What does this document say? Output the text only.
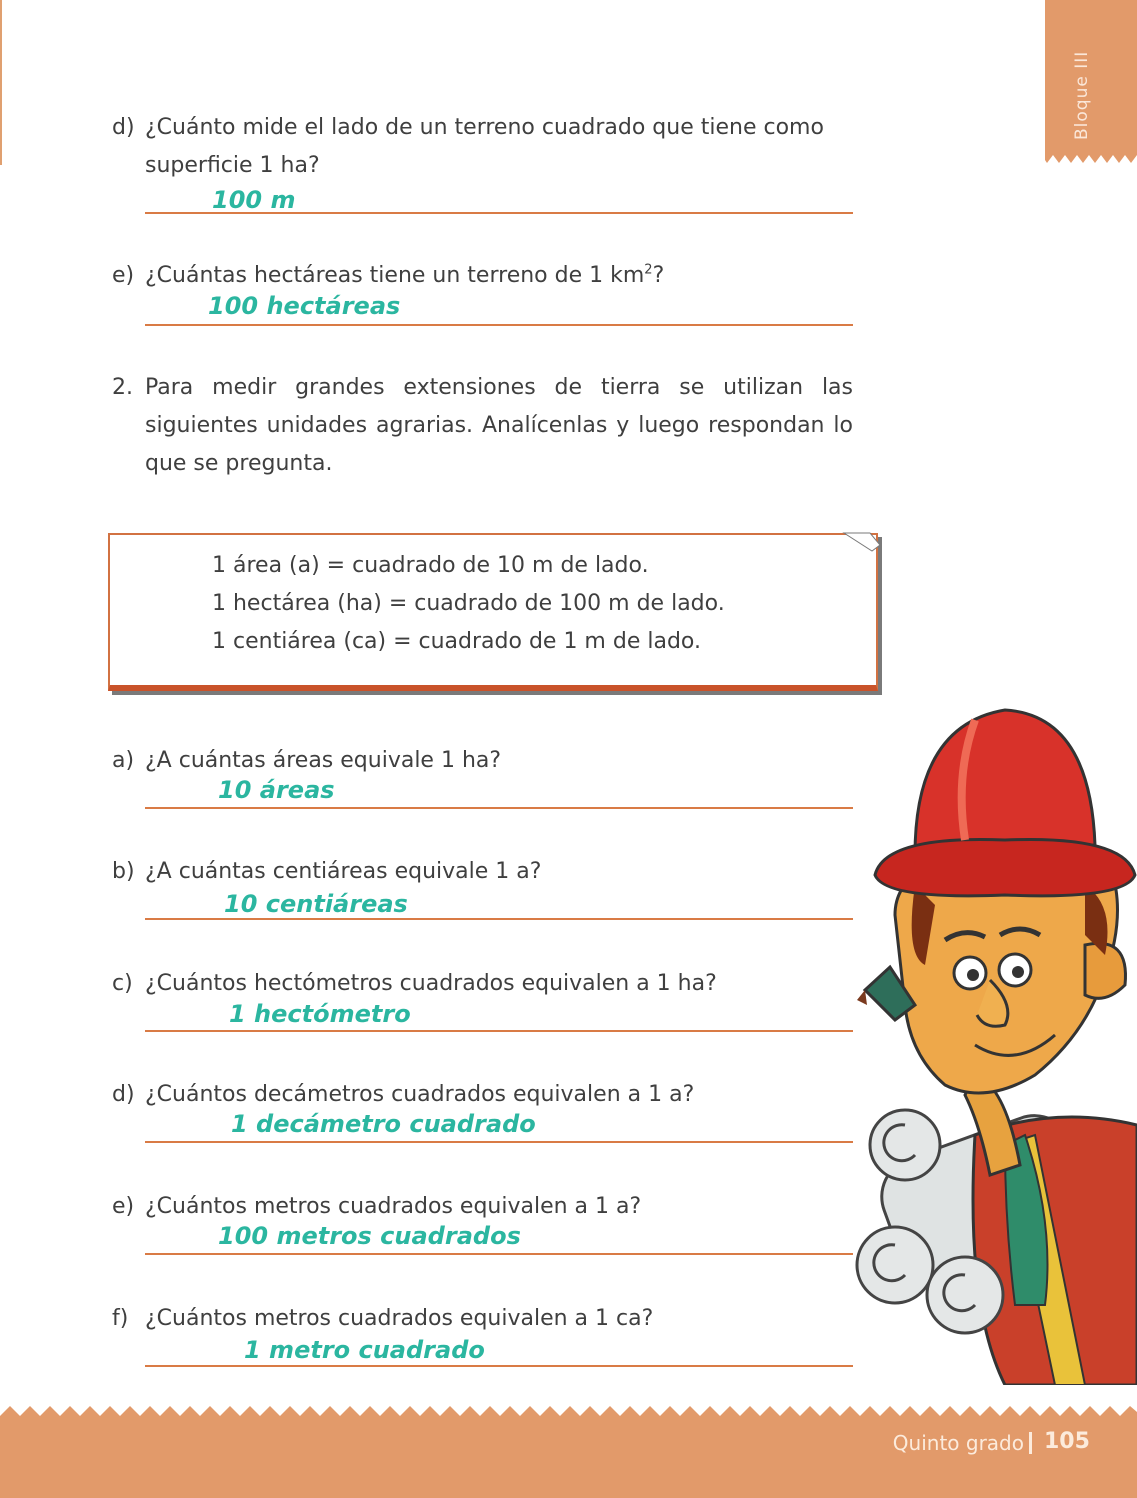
Bloque III
d) ¿Cuánto mide el lado de un terreno cuadrado que tiene como
superficie 1 ha?
100 m
e) ¿Cuántas hectáreas tiene un terreno de 1 $km^2$?
100 hectáreas
2. Para medir grandes extensiones de tierra se utilizan las siguientes unidades agrarias. Analícenlas y luego respondan lo que se pregunta.
1 área (a) = cuadrado de 10 m de lado.
1 hectárea (ha) = cuadrado de 100 m de lado.
1 centiárea (ca) = cuadrado de 1 m de lado.
a) ¿A cuántas áreas equivale 1 ha?
10 áreas
b) ¿A cuántas centiáreas equivale 1 a?
10 centiáreas
c) ¿Cuántos hectómetros cuadrados equivalen a 1 ha?
1 hectómetro
d) ¿Cuántos decámetros cuadrados equivalen a 1 a?
1 decámetro cuadrado
e) ¿Cuántos metros cuadrados equivalen a 1 a?
100 metros cuadrados
f) ¿Cuántos metros cuadrados equivalen a 1 ca?
1 metro cuadrado
Quinto grado 105
